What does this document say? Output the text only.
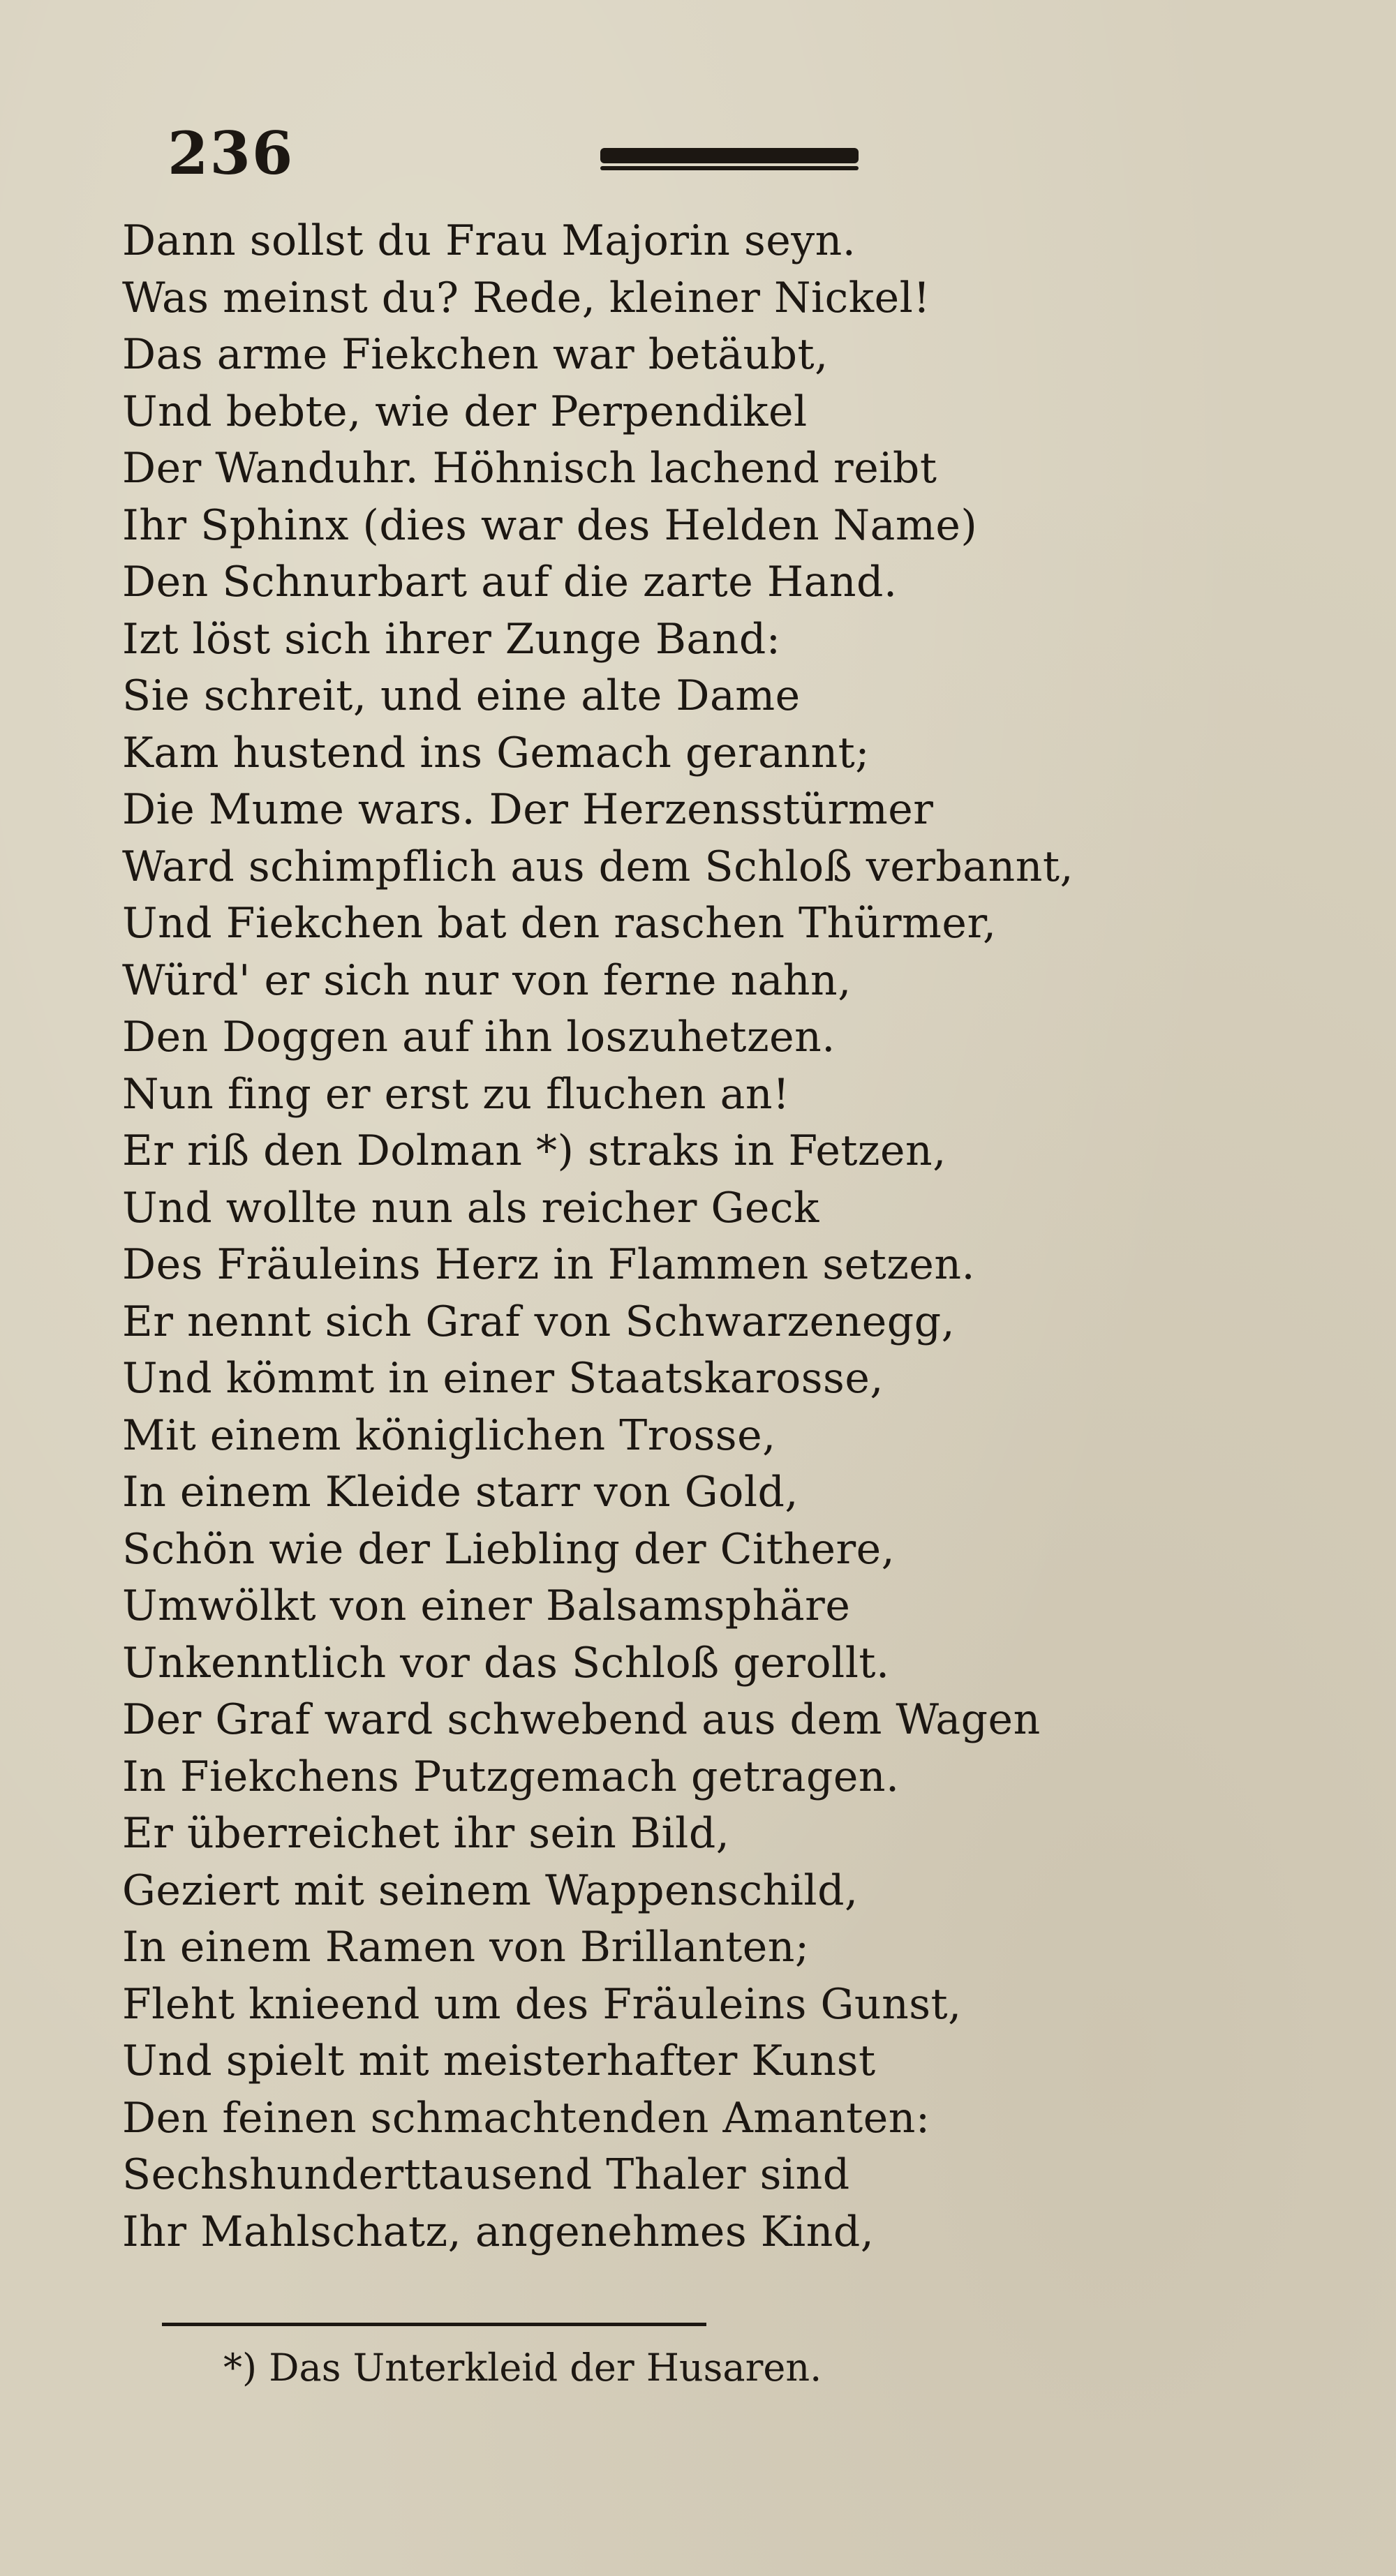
236
Dann sollst du Frau Majorin seyn.
Was meinst du? Rede, kleiner Nickel!
Das arme Fiekchen war betäubt,
Und bebte, wie der Perpendikel
Der Wanduhr. Höhnisch lachend reibt
Ihr Sphinx (dies war des Helden Name)
Den Schnurbart auf die zarte Hand.
Izt löst sich ihrer Zunge Band:
Sie schreit, und eine alte Dame
Kam hustend ins Gemach gerannt;
Die Mume wars. Der Herzensstürmer
Ward schimpflich aus dem Schloß verbannt,
Und Fiekchen bat den raschen Thürmer,
Würd' er sich nur von ferne nahn,
Den Doggen auf ihn loszuhetzen.
Nun fing er erst zu fluchen an!
Er riß den Dolman *) straks in Fetzen,
Und wollte nun als reicher Geck
Des Fräuleins Herz in Flammen setzen.
Er nennt sich Graf von Schwarzenegg,
Und kömmt in einer Staatskarosse,
Mit einem königlichen Trosse,
In einem Kleide starr von Gold,
Schön wie der Liebling der Cithere,
Umwölkt von einer Balsamsphäre
Unkenntlich vor das Schloß gerollt.
Der Graf ward schwebend aus dem Wagen
In Fiekchens Putzgemach getragen.
Er überreichet ihr sein Bild,
Geziert mit seinem Wappenschild,
In einem Ramen von Brillanten;
Fleht knieend um des Fräuleins Gunst,
Und spielt mit meisterhafter Kunst
Den feinen schmachtenden Amanten:
Sechshunderttausend Thaler sind
Ihr Mahlschatz, angenehmes Kind,
*) Das Unterkleid der Husaren.
